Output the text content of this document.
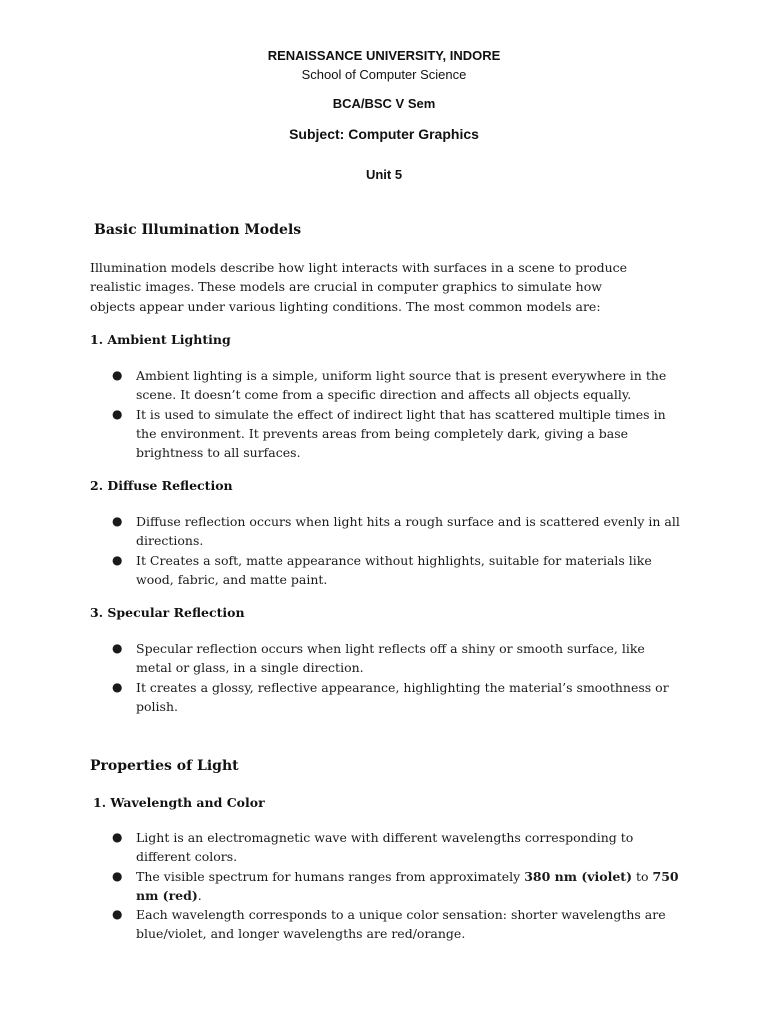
RENAISSANCE UNIVERSITY, INDORE
School of Computer Science
BCA/BSC V Sem
Subject: Computer Graphics
Unit 5
Basic Illumination Models

Illumination models describe how light interacts with surfaces in a scene to produce realistic images. These models are crucial in computer graphics to simulate how objects appear under various lighting conditions. The most common models are:

1. Ambient Lighting
● Ambient lighting is a simple, uniform light source that is present everywhere in the scene. It doesn’t come from a specific direction and affects all objects equally.
● It is used to simulate the effect of indirect light that has scattered multiple times in the environment. It prevents areas from being completely dark, giving a base brightness to all surfaces.
2. Diffuse Reflection
● Diffuse reflection occurs when light hits a rough surface and is scattered evenly in all directions.
● It Creates a soft, matte appearance without highlights, suitable for materials like wood, fabric, and matte paint.
3. Specular Reflection
● Specular reflection occurs when light reflects off a shiny or smooth surface, like metal or glass, in a single direction.
● It creates a glossy, reflective appearance, highlighting the material’s smoothness or polish.
Properties of Light
1. Wavelength and Color
● Light is an electromagnetic wave with different wavelengths corresponding to different colors.
● The visible spectrum for humans ranges from approximately 380 nm (violet) to 750 nm (red).
● Each wavelength corresponds to a unique color sensation: shorter wavelengths are blue/violet, and longer wavelengths are red/orange.
